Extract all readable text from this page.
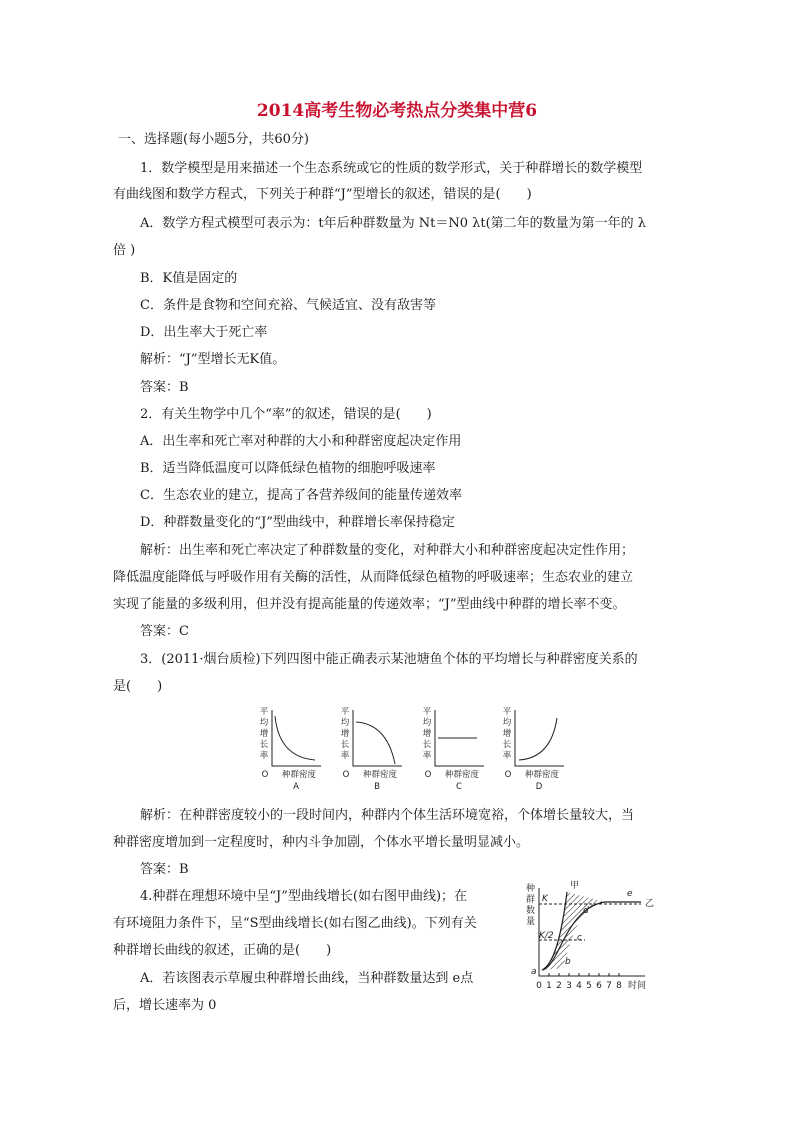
2014高考生物必考热点分类集中营6
一、选择题(每小题5分，共60分)
1．数学模型是用来描述一个生态系统或它的性质的数学形式，关于种群增长的数学模型
有曲线图和数学方程式，下列关于种群“J”型增长的叙述，错误的是(　　)
A．数学方程式模型可表示为：t年后种群数量为 Nt＝N0 λt(第二年的数量为第一年的 λ
倍 )
B．K值是固定的
C．条件是食物和空间充裕、气候适宜、没有敌害等
D．出生率大于死亡率
解析：“J”型增长无K值。
答案：B
2．有关生物学中几个“率”的叙述，错误的是(　　)
A．出生率和死亡率对种群的大小和种群密度起决定作用
B．适当降低温度可以降低绿色植物的细胞呼吸速率
C．生态农业的建立，提高了各营养级间的能量传递效率
D．种群数量变化的“J”型曲线中，种群增长率保持稳定
解析：出生率和死亡率决定了种群数量的变化，对种群大小和种群密度起决定性作用；
降低温度能降低与呼吸作用有关酶的活性，从而降低绿色植物的呼吸速率；生态农业的建立
实现了能量的多级利用，但并没有提高能量的传递效率；“J”型曲线中种群的增长率不变。
答案：C
3．(2011·烟台质检)下列四图中能正确表示某池塘鱼个体的平均增长与种群密度关系的
是(　　)
平
均
增
长
率
平
均
增
长
率
平
均
增
长
率
平
均
增
长
率
O	O	O	O
种群密度	种群密度	种群密度	种群密度
A	B	C	D
解析：在种群密度较小的一段时间内，种群内个体生活环境宽裕，个体增长量较大，当
种群密度增加到一定程度时，种内斗争加剧，个体水平增长量明显减小。
答案：B
4.种群在理想环境中呈“J”型曲线增长(如右图甲曲线)；在
有环境阻力条件下，呈“S型曲线增长(如右图乙曲线)。下列有关
种群增长曲线的叙述，正确的是(　　)
A．若该图表示草履虫种群增长曲线，当种群数量达到 e点
后，增长速率为 0
种
群
数
量
K
K/2
甲
乙
a
b
c
d
e
0 1 2 3 4 5 6 7 8 时间
